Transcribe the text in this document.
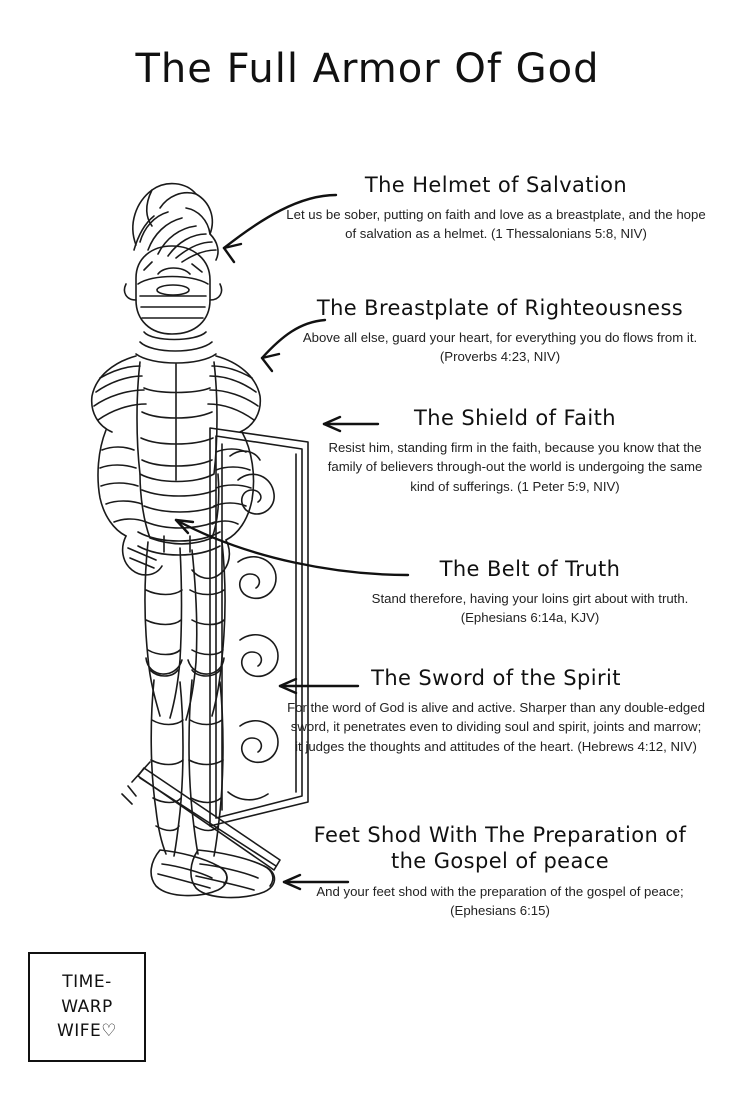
The Full Armor Of God
The Helmet of Salvation
Let us be sober, putting on faith and love as a breastplate, and the hope of salvation as a helmet. (1 Thessalonians 5:8, NIV)
The Breastplate of Righteousness
Above all else, guard your heart, for everything you do flows from it. (Proverbs 4:23, NIV)
The Shield of Faith
Resist him, standing firm in the faith, because you know that the family of believers through-out the world is undergoing the same kind of sufferings. (1 Peter 5:9, NIV)
The Belt of Truth
Stand therefore, having your loins girt about with truth. (Ephesians 6:14a, KJV)
The Sword of the Spirit
For the word of God is alive and active. Sharper than any double-edged sword, it penetrates even to dividing soul and spirit, joints and marrow; it judges the thoughts and attitudes of the heart. (Hebrews 4:12, NIV)
Feet Shod With The Preparation of the Gospel of peace
And your feet shod with the preparation of the gospel of peace; (Ephesians 6:15)
TIME-
WARP
WIFE♡
